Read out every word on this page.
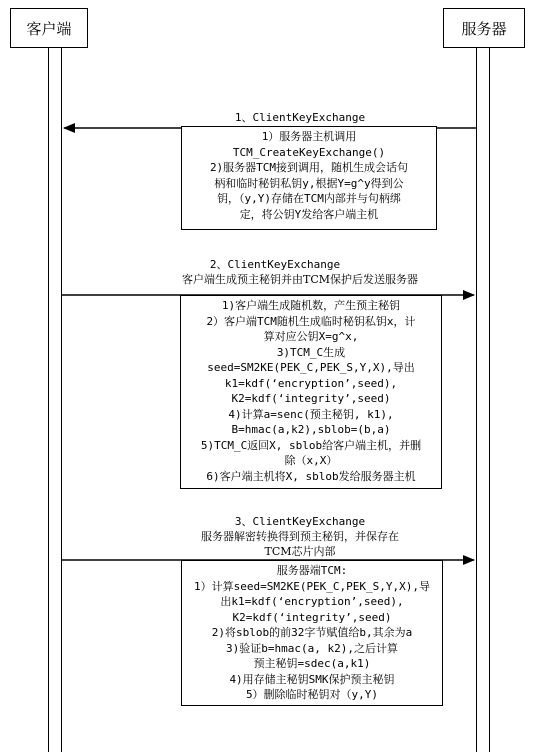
客户端	服务器
1、ClientKeyExchange
1）服务器主机调用
TCM_CreateKeyExchange()
2)服务器TCM接到调用，随机生成会话句
柄和临时秘钥私钥y,根据Y=g^y得到公
钥，（y,Y)存储在TCM内部并与句柄绑
定，将公钥Y发给客户端主机
2、ClientKeyExchange
客户端生成预主秘钥并由TCM保护后发送服务器
1)客户端生成随机数，产生预主秘钥
2）客户端TCM随机生成临时秘钥私钥x，计
算对应公钥X=g^x,
3)TCM_C生成
seed=SM2KE(PEK_C,PEK_S,Y,X),导出
k1=kdf(‘encryption’,seed),
K2=kdf(‘integrity’,seed)
4)计算a=senc(预主秘钥, k1),
B=hmac(a,k2),sblob=(b,a)
5)TCM_C返回X, sblob给客户端主机，并删
除（x,X）
6)客户端主机将X, sblob发给服务器主机
3、ClientKeyExchange
服务器解密转换得到预主秘钥，并保存在
TCM芯片内部
服务器端TCM:
1）计算seed=SM2KE(PEK_C,PEK_S,Y,X),导
出k1=kdf(‘encryption’,seed),
K2=kdf(‘integrity’,seed)
2)将sblob的前32字节赋值给b,其余为a
3)验证b=hmac(a, k2),之后计算
预主秘钥=sdec(a,k1)
4)用存储主秘钥SMK保护预主秘钥
5）删除临时秘钥对（y,Y)
